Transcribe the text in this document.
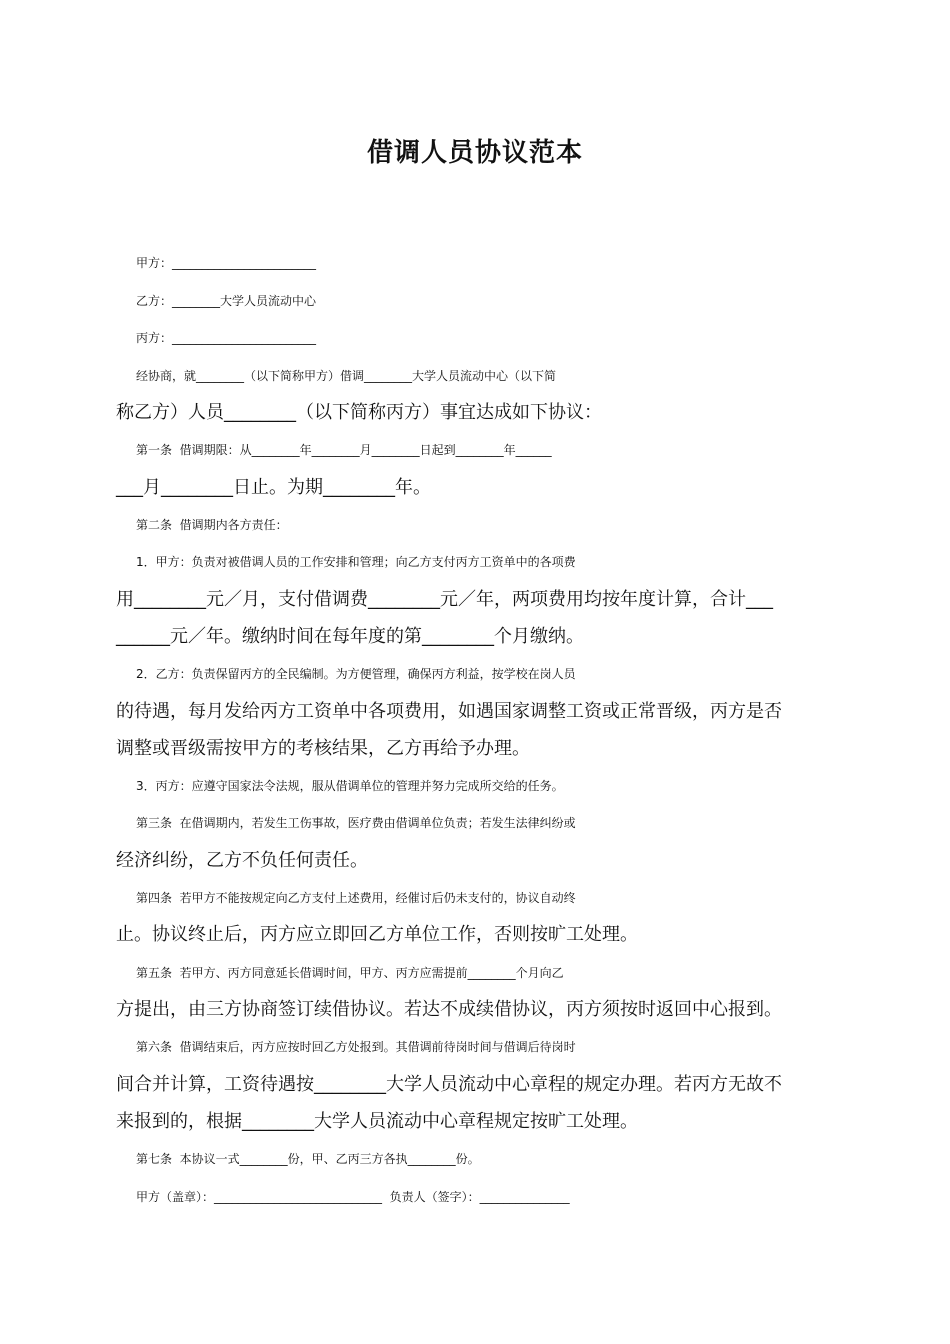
借调人员协议范本
甲方：________________________
乙方：________大学人员流动中心
丙方：________________________
经协商，就________（以下简称甲方）借调________大学人员流动中心（以下简
称乙方）人员________（以下简称丙方）事宜达成如下协议：
第一条  借调期限：从________年________月________日起到________年______
___月________日止。为期________年。
第二条  借调期内各方责任：
1．甲方：负责对被借调人员的工作安排和管理；向乙方支付丙方工资单中的各项费
用________元／月，支付借调费________元／年，两项费用均按年度计算，合计___
______元／年。缴纳时间在每年度的第________个月缴纳。
2．乙方：负责保留丙方的全民编制。为方便管理，确保丙方利益，按学校在岗人员
的待遇，每月发给丙方工资单中各项费用，如遇国家调整工资或正常晋级，丙方是否
调整或晋级需按甲方的考核结果，乙方再给予办理。
3．丙方：应遵守国家法令法规，服从借调单位的管理并努力完成所交给的任务。
第三条  在借调期内，若发生工伤事故，医疗费由借调单位负责；若发生法律纠纷或
经济纠纷，乙方不负任何责任。
第四条  若甲方不能按规定向乙方支付上述费用，经催讨后仍未支付的，协议自动终
止。协议终止后，丙方应立即回乙方单位工作，否则按旷工处理。
第五条  若甲方、丙方同意延长借调时间，甲方、丙方应需提前________个月向乙
方提出，由三方协商签订续借协议。若达不成续借协议，丙方须按时返回中心报到。
第六条  借调结束后，丙方应按时回乙方处报到。其借调前待岗时间与借调后待岗时
间合并计算，工资待遇按________大学人员流动中心章程的规定办理。若丙方无故不
来报到的，根据________大学人员流动中心章程规定按旷工处理。
第七条  本协议一式________份，甲、乙丙三方各执________份。
甲方（盖章）：____________________________  负责人（签字）：_______________
